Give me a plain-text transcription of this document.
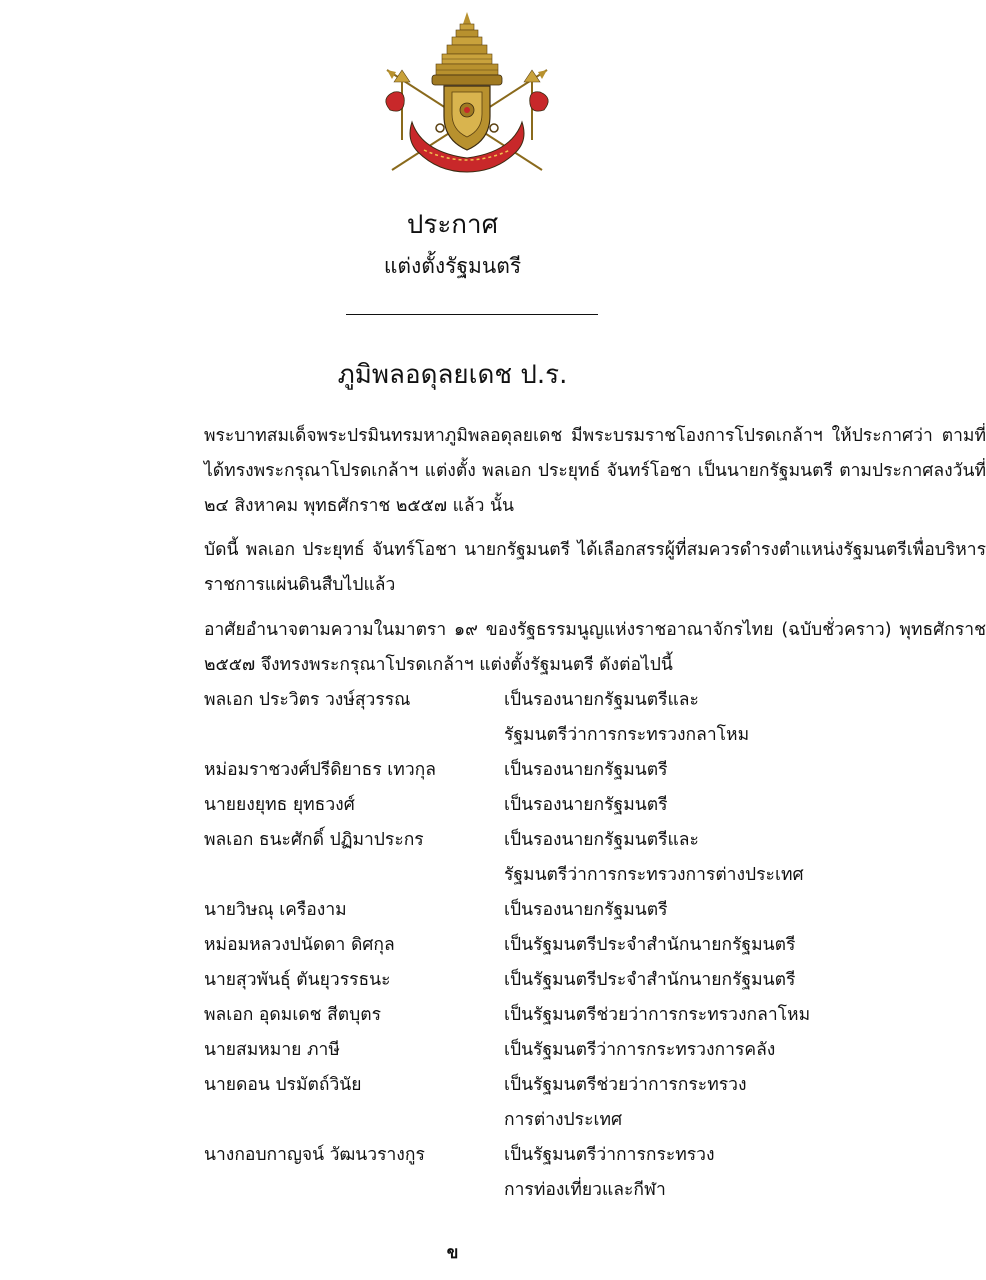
ประกาศ
แต่งตั้งรัฐมนตรี
ภูมิพลอดุลยเดช ป.ร.

พระบาทสมเด็จพระปรมินทรมหาภูมิพลอดุลยเดช มีพระบรมราชโองการโปรดเกล้าฯ ให้ประกาศว่า ตามที่ได้ทรงพระกรุณาโปรดเกล้าฯ แต่งตั้ง พลเอก ประยุทธ์ จันทร์โอชา เป็นนายกรัฐมนตรี ตามประกาศลงวันที่ ๒๔ สิงหาคม พุทธศักราช ๒๕๕๗ แล้ว นั้น

บัดนี้ พลเอก ประยุทธ์ จันทร์โอชา นายกรัฐมนตรี ได้เลือกสรรผู้ที่สมควรดำรงตำแหน่งรัฐมนตรีเพื่อบริหารราชการแผ่นดินสืบไปแล้ว

อาศัยอำนาจตามความในมาตรา ๑๙ ของรัฐธรรมนูญแห่งราชอาณาจักรไทย (ฉบับชั่วคราว) พุทธศักราช ๒๕๕๗ จึงทรงพระกรุณาโปรดเกล้าฯ แต่งตั้งรัฐมนตรี ดังต่อไปนี้

พลเอก ประวิตร วงษ์สุวรรณ	เป็นรองนายกรัฐมนตรีและ
รัฐมนตรีว่าการกระทรวงกลาโหม
หม่อมราชวงศ์ปรีดิยาธร เทวกุล	เป็นรองนายกรัฐมนตรี
นายยงยุทธ ยุทธวงศ์	เป็นรองนายกรัฐมนตรี
พลเอก ธนะศักดิ์ ปฏิมาประกร	เป็นรองนายกรัฐมนตรีและ
รัฐมนตรีว่าการกระทรวงการต่างประเทศ
นายวิษณุ เครืองาม	เป็นรองนายกรัฐมนตรี
หม่อมหลวงปนัดดา ดิศกุล	เป็นรัฐมนตรีประจำสำนักนายกรัฐมนตรี
นายสุวพันธุ์ ตันยุวรรธนะ	เป็นรัฐมนตรีประจำสำนักนายกรัฐมนตรี
พลเอก อุดมเดช สีตบุตร	เป็นรัฐมนตรีช่วยว่าการกระทรวงกลาโหม
นายสมหมาย ภาษี	เป็นรัฐมนตรีว่าการกระทรวงการคลัง
นายดอน ปรมัตถ์วินัย	เป็นรัฐมนตรีช่วยว่าการกระทรวง
การต่างประเทศ
นางกอบกาญจน์ วัฒนวรางกูร	เป็นรัฐมนตรีว่าการกระทรวง
การท่องเที่ยวและกีฬา
ข
